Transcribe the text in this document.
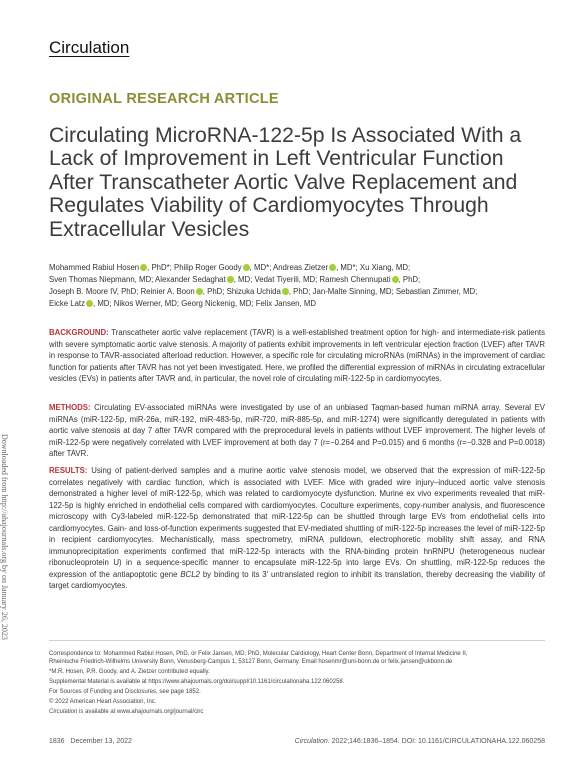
Circulation
ORIGINAL RESEARCH ARTICLE
Circulating MicroRNA-122-5p Is Associated With a Lack of Improvement in Left Ventricular Function After Transcatheter Aortic Valve Replacement and Regulates Viability of Cardiomyocytes Through Extracellular Vesicles
Mohammed Rabiul Hosen , PhD*; Philip Roger Goody , MD*; Andreas Zietzer , MD*; Xu Xiang, MD;
Sven Thomas Niepmann, MD; Alexander Sedaghat , MD; Vedat Tiyerili, MD; Ramesh Chennupati , PhD;
Joseph B. Moore IV, PhD; Reinier A. Boon , PhD; Shizuka Uchida , PhD; Jan-Malte Sinning, MD; Sebastian Zimmer, MD;
Eicke Latz , MD; Nikos Werner, MD; Georg Nickenig, MD; Felix Jansen, MD
BACKGROUND: Transcatheter aortic valve replacement (TAVR) is a well-established treatment option for high- and intermediate-risk patients with severe symptomatic aortic valve stenosis. A majority of patients exhibit improvements in left ventricular ejection fraction (LVEF) after TAVR in response to TAVR-associated afterload reduction. However, a specific role for circulating microRNAs (miRNAs) in the improvement of cardiac function for patients after TAVR has not yet been investigated. Here, we profiled the differential expression of miRNAs in circulating extracellular vesicles (EVs) in patients after TAVR and, in particular, the novel role of circulating miR-122-5p in cardiomyocytes.
METHODS: Circulating EV-associated miRNAs were investigated by use of an unbiased Taqman-based human miRNA array. Several EV miRNAs (miR-122-5p, miR-26a, miR-192, miR-483-5p, miR-720, miR-885-5p, and miR-1274) were significantly deregulated in patients with aortic valve stenosis at day 7 after TAVR compared with the preprocedural levels in patients without LVEF improvement. The higher levels of miR-122-5p were negatively correlated with LVEF improvement at both day 7 (r=−0.264 and P=0.015) and 6 months (r=−0.328 and P=0.0018) after TAVR.
RESULTS: Using of patient-derived samples and a murine aortic valve stenosis model, we observed that the expression of miR-122-5p correlates negatively with cardiac function, which is associated with LVEF. Mice with graded wire injury–induced aortic valve stenosis demonstrated a higher level of miR-122-5p, which was related to cardiomyocyte dysfunction. Murine ex vivo experiments revealed that miR-122-5p is highly enriched in endothelial cells compared with cardiomyocytes. Coculture experiments, copy-number analysis, and fluorescence microscopy with Cy3-labeled miR-122-5p demonstrated that miR-122-5p can be shuttled through large EVs from endothelial cells into cardiomyocytes. Gain- and loss-of-function experiments suggested that EV-mediated shuttling of miR-122-5p increases the level of miR-122-5p in recipient cardiomyocytes. Mechanistically, mass spectrometry, miRNA pulldown, electrophoretic mobility shift assay, and RNA immunoprecipitation experiments confirmed that miR-122-5p interacts with the RNA-binding protein hnRNPU (heterogeneous nuclear ribonucleoprotein U) in a sequence-specific manner to encapsulate miR-122-5p into large EVs. On shuttling, miR-122-5p reduces the expression of the antiapoptotic gene BCL2 by binding to its 3′ untranslated region to inhibit its translation, thereby decreasing the viability of target cardiomyocytes.
Downloaded from http://ahajournals.org by on January 26, 2023
Correspondence to: Mohammed Rabiul Hosen, PhD, or Felix Jansen, MD, PhD, Molecular Cardiology, Heart Center Bonn, Department of Internal Medicine II,
Rheinische Friedrich-Wilhelms University Bonn, Venusberg-Campus 1, 53127 Bonn, Germany. Email hosenmr@uni-bonn.de or felix.jansen@ukbonn.de
*M.R. Hosen, P.R. Goody, and A. Zietzer contributed equally.
Supplemental Material is available at https://www.ahajournals.org/doi/suppl/10.1161/circulationaha.122.060258.
For Sources of Funding and Disclosures, see page 1852.
© 2022 American Heart Association, Inc.
Circulation is available at www.ahajournals.org/journal/circ
1836 December 13, 2022	Circulation. 2022;146:1836–1854. DOI: 10.1161/CIRCULATIONAHA.122.060258
